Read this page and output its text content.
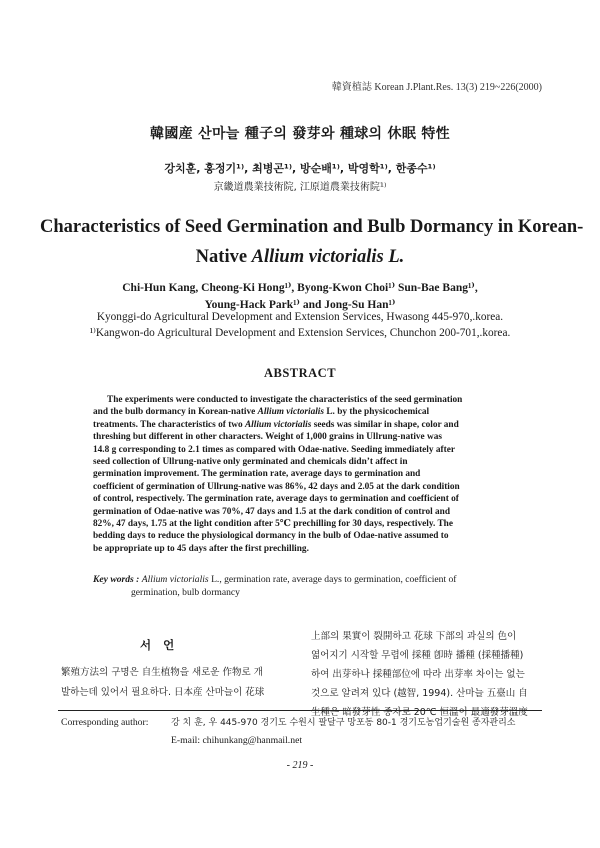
韓資植誌 Korean J.Plant.Res. 13(3) 219~226(2000)
韓國産 산마늘 種子의 發芽와 種球의 休眠 特性
강치훈, 홍정기¹⁾, 최병곤¹⁾, 방순배¹⁾, 박영학¹⁾, 한종수¹⁾
京畿道農業技術院, 江原道農業技術院¹⁾
Characteristics of Seed Germination and Bulb Dormancy in Korean-
Native Allium victorialis L.
Chi-Hun Kang, Cheong-Ki Hong¹⁾, Byong-Kwon Choi¹⁾ Sun-Bae Bang¹⁾,
Young-Hack Park¹⁾ and Jong-Su Han¹⁾
Kyonggi-do Agricultural Development and Extension Services, Hwasong 445-970,.korea.
¹⁾Kangwon-do Agricultural Development and Extension Services, Chunchon 200-701,.korea.
ABSTRACT
The experiments were conducted to investigate the characteristics of the seed germination
and the bulb dormancy in Korean-native Allium victorialis L. by the physicochemical
treatments. The characteristics of two Allium victorialis seeds was similar in shape, color and
threshing but different in other characters. Weight of 1,000 grains in Ullrung-native was
14.8 g corresponding to 2.1 times as compared with Odae-native. Seeding immediately after
seed collection of Ullrung-native only germinated and chemicals didn’t affect in
germination improvement. The germination rate, average days to germination and
coefficient of germination of Ullrung-native was 86%, 42 days and 2.05 at the dark condition
of control, respectively. The germination rate, average days to germination and coefficient of
germination of Odae-native was 70%, 47 days and 1.5 at the dark condition of control and
82%, 47 days, 1.75 at the light condition after 5℃ prechilling for 30 days, respectively. The
bedding days to reduce the physiological dormancy in the bulb of Odae-native assumed to
be appropriate up to 45 days after the first prechilling.
Key words : Allium victorialis L., germination rate, average days to germination, coefficient of
germination, bulb dormancy
서 언
繁殖方法의 구명은 自生植物을 새로운 作物로 개
발하는데 있어서 필요하다. 日本産 산마늘이 花球
上部의 果實이 裂開하고 花球 下部의 과실의 色이
엷어지기 시작할 무렵에 採種 卽時 播種 (採種播種)
하여 出芽하나 採種部位에 따라 出芽率 차이는 없는
것으로 알려져 있다 (越智, 1994). 산마늘 五臺山 自
生種은 暗發芽性 종자로 20℃ 恒溫이 最適發芽溫度
Corresponding author:	강 치 훈, 우 445-970 경기도 수원시 팔달구 망포동 80-1 경기도농업기술원 종자관리소
E-mail: chihunkang@hanmail.net
- 219 -
